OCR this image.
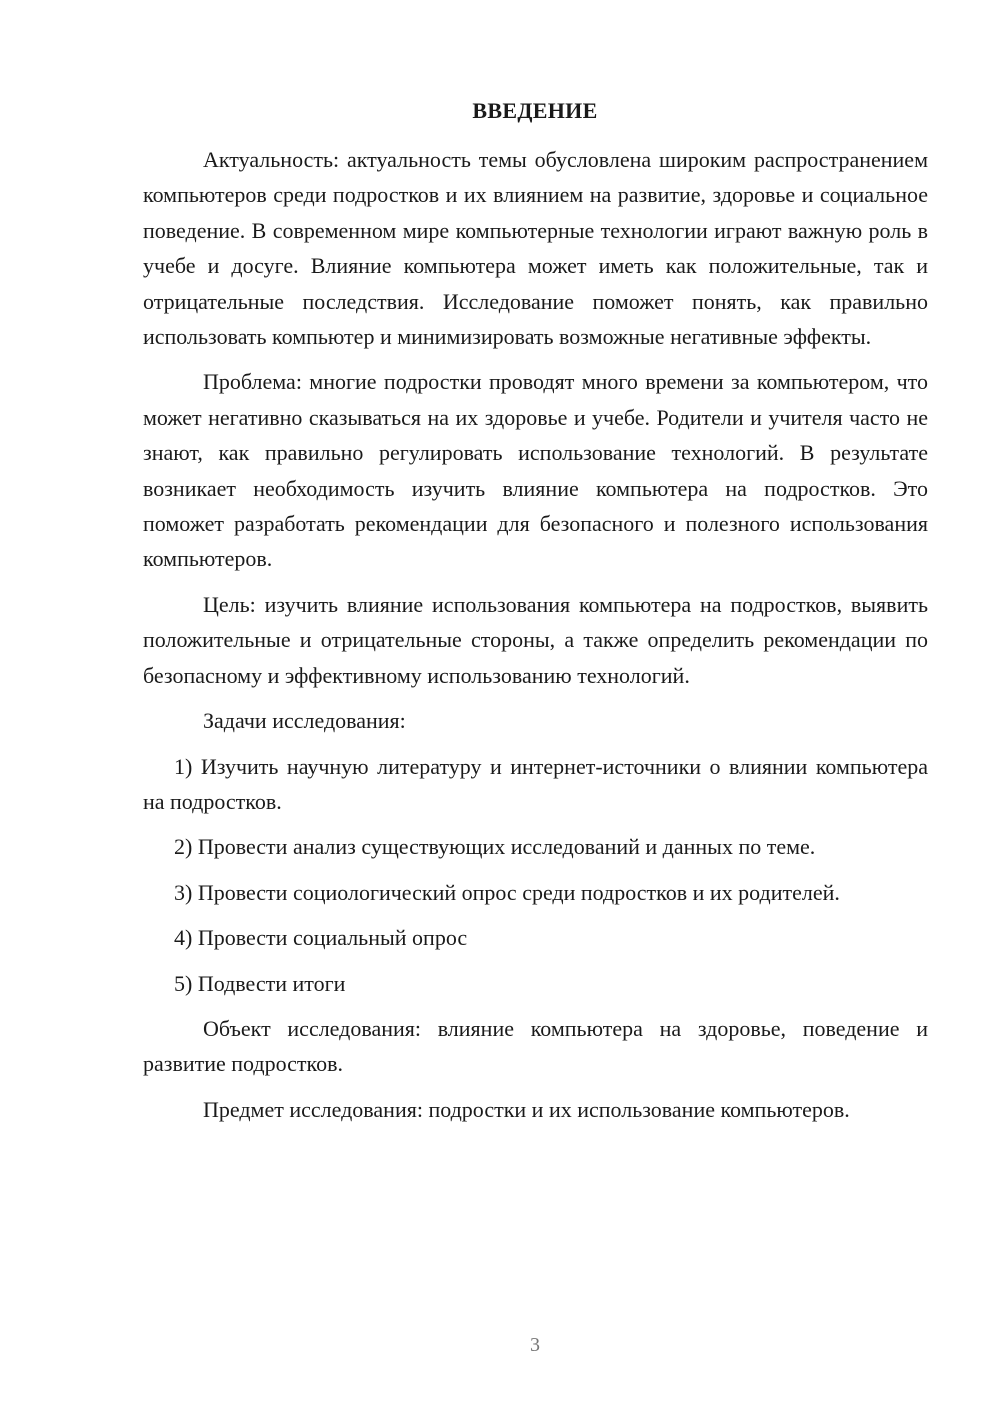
ВВЕДЕНИЕ

Актуальность: актуальность темы обусловлена широким распространением компьютеров среди подростков и их влиянием на развитие, здоровье и социальное поведение. В современном мире компьютерные технологии играют важную роль в учебе и досуге. Влияние компьютера может иметь как положительные, так и отрицательные последствия. Исследование поможет понять, как правильно использовать компьютер и минимизировать возможные негативные эффекты.

Проблема: многие подростки проводят много времени за компьютером, что может негативно сказываться на их здоровье и учебе. Родители и учителя часто не знают, как правильно регулировать использование технологий. В результате возникает необходимость изучить влияние компьютера на подростков. Это поможет разработать рекомендации для безопасного и полезного использования компьютеров.

Цель: изучить влияние использования компьютера на подростков, выявить положительные и отрицательные стороны, а также определить рекомендации по безопасному и эффективному использованию технологий.

Задачи исследования:

1) Изучить научную литературу и интернет-источники о влиянии компьютера на подростков.

2) Провести анализ существующих исследований и данных по теме.

3) Провести социологический опрос среди подростков и их родителей.

4) Провести социальный опрос

5) Подвести итоги

Объект исследования: влияние компьютера на здоровье, поведение и развитие подростков.

Предмет исследования: подростки и их использование компьютеров.

3
